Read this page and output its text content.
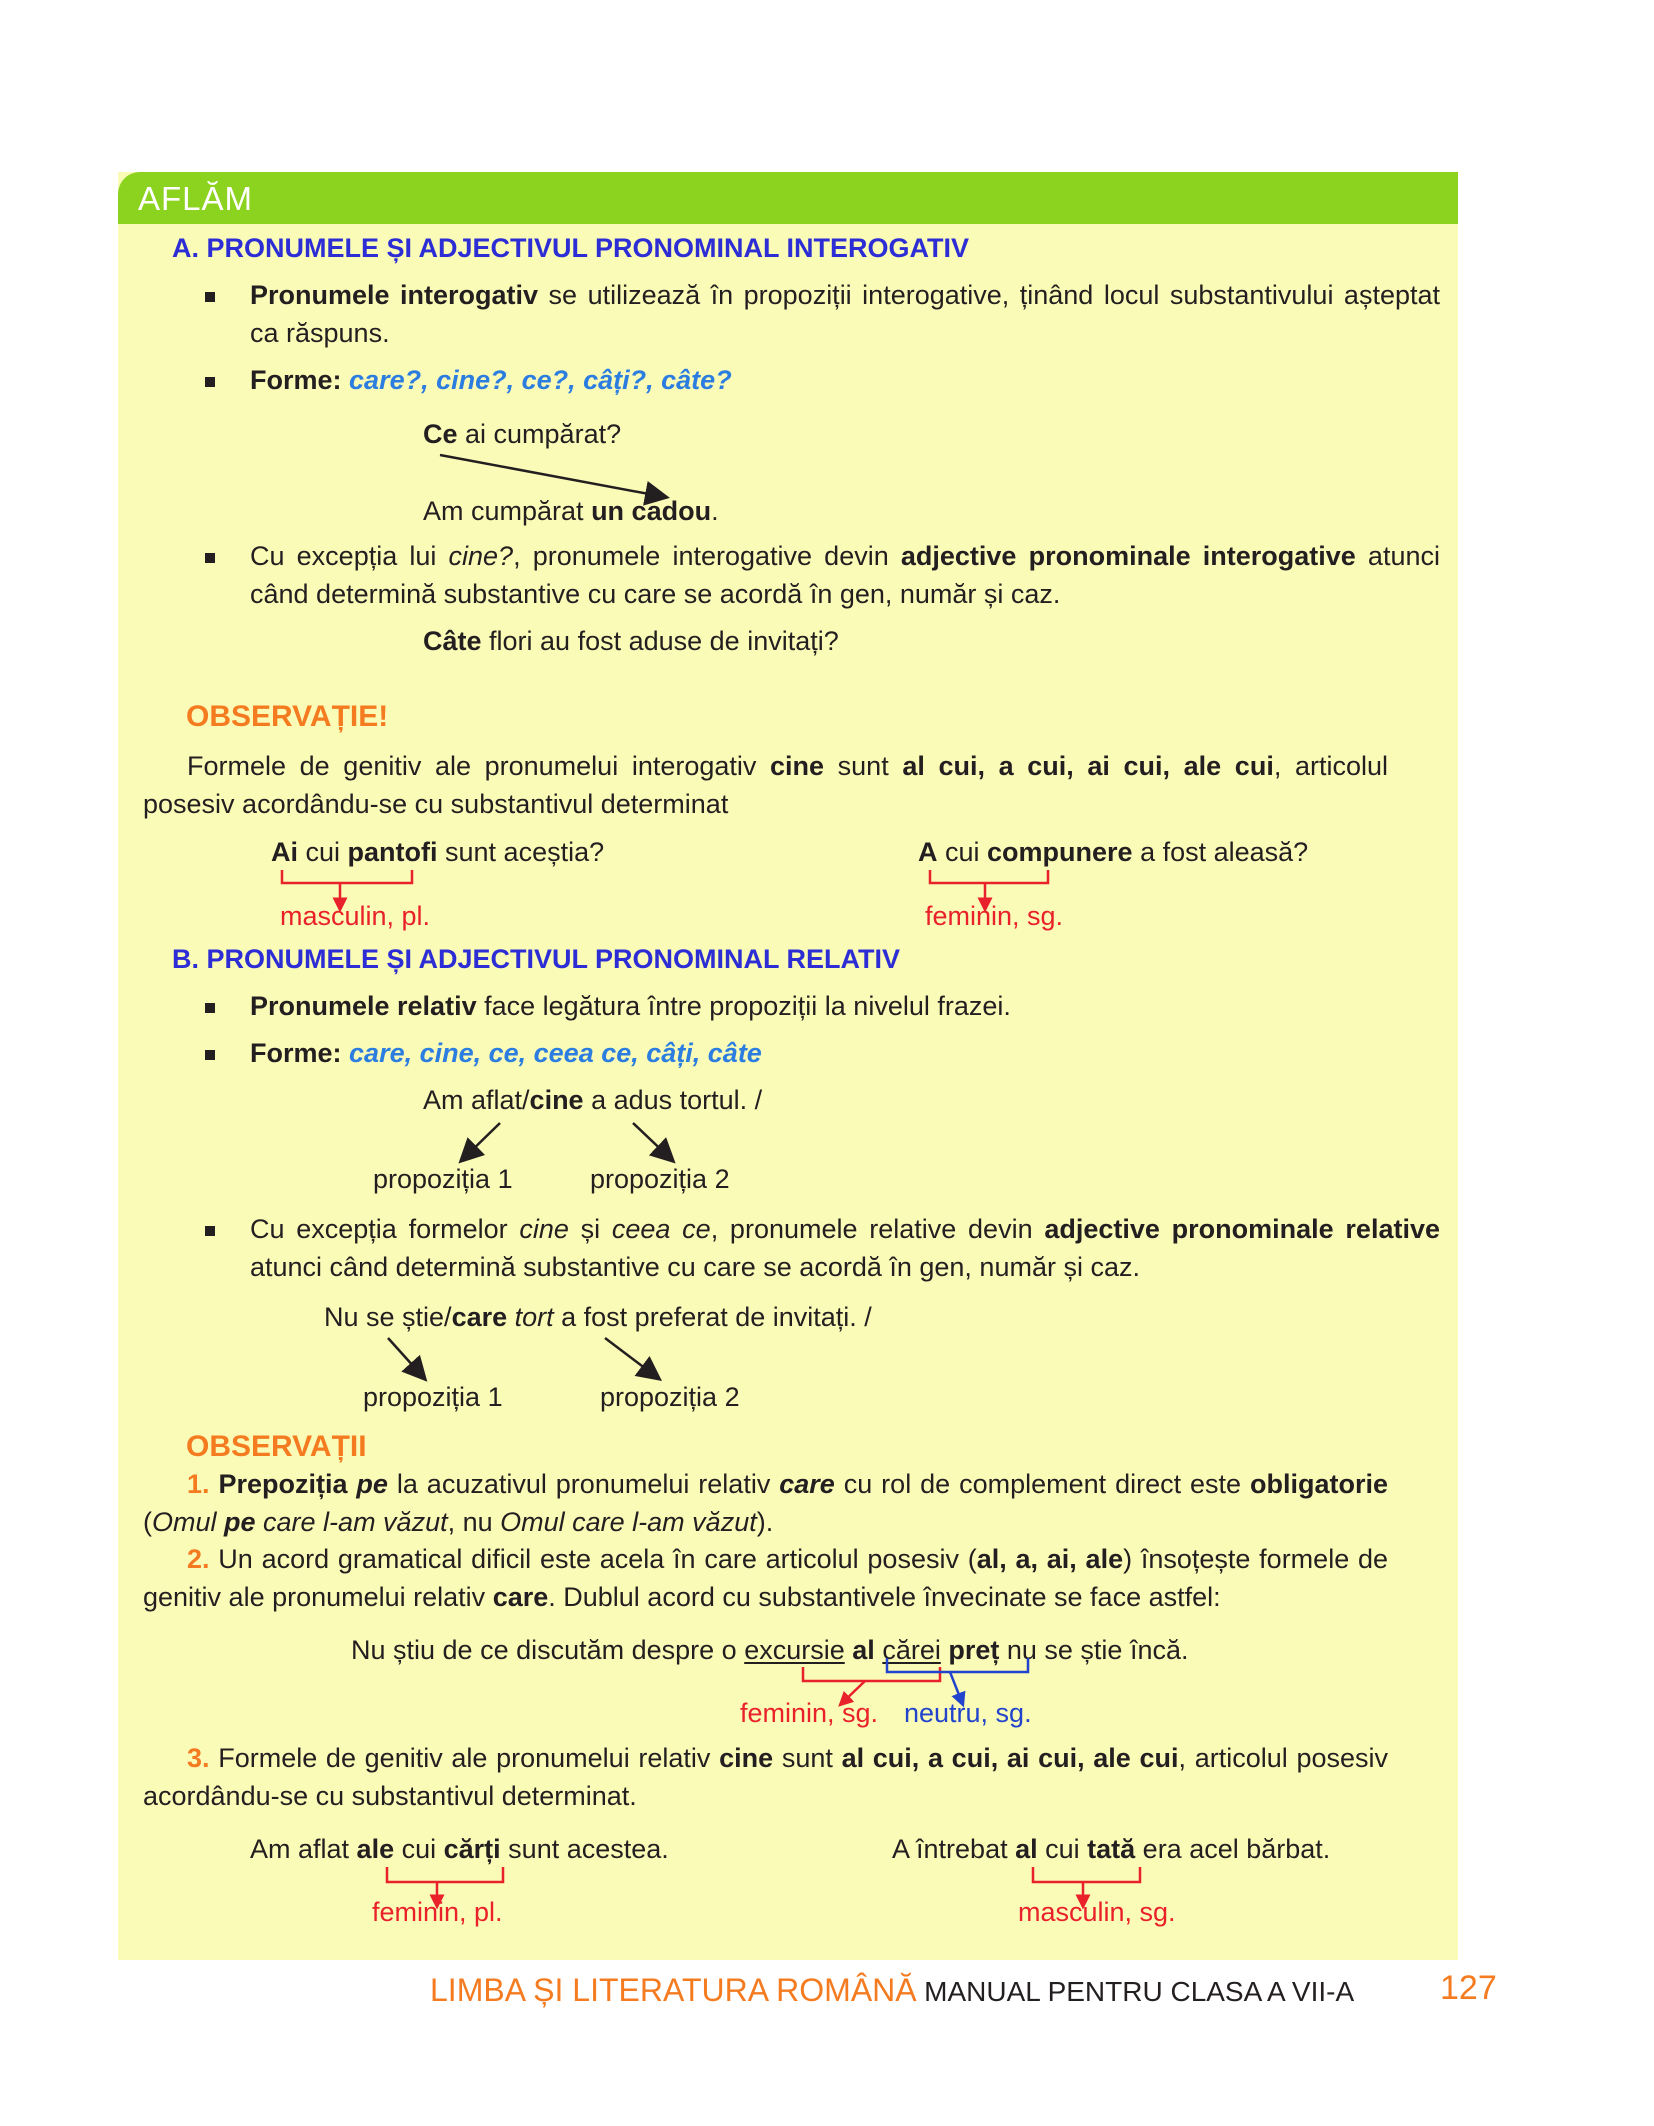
AFLĂM
A. PRONUMELE ȘI ADJECTIVUL PRONOMINAL INTEROGATIV
Pronumele interogativ se utilizează în propoziții interogative, ținând locul substantivului așteptat ca răspuns.
Forme: care?, cine?, ce?, câți?, câte?
Ce ai cumpărat?
Am cumpărat un cadou.
Cu excepția lui cine?, pronumele interogative devin adjective pronominale interogative atunci când determină substantive cu care se acordă în gen, număr și caz.
Câte flori au fost aduse de invitați?
OBSERVAȚIE!
Formele de genitiv ale pronumelui interogativ cine sunt al cui, a cui, ai cui, ale cui, articolul posesiv acordându-se cu substantivul determinat
Ai cui pantofi sunt aceștia?
masculin, pl.
A cui compunere a fost aleasă?
feminin, sg.
B. PRONUMELE ȘI ADJECTIVUL PRONOMINAL RELATIV
Pronumele relativ face legătura între propoziții la nivelul frazei.
Forme: care, cine, ce, ceea ce, câți, câte
Am aflat/cine a adus tortul. /
propoziția 1	propoziția 2
Cu excepția formelor cine și ceea ce, pronumele relative devin adjective pronominale relative atunci când determină substantive cu care se acordă în gen, număr și caz.
Nu se știe/care tort a fost preferat de invitați. /
propoziția 1	propoziția 2
OBSERVAȚII
1. Prepoziția pe la acuzativul pronumelui relativ care cu rol de complement direct este obligatorie (Omul pe care l-am văzut, nu Omul care l-am văzut).
2. Un acord gramatical dificil este acela în care articolul posesiv (al, a, ai, ale) însoțește formele de genitiv ale pronumelui relativ care. Dublul acord cu substantivele învecinate se face astfel:
Nu știu de ce discutăm despre o excursie al cărei preț nu se știe încă.
feminin, sg. neutru, sg.
3. Formele de genitiv ale pronumelui relativ cine sunt al cui, a cui, ai cui, ale cui, articolul posesiv acordându-se cu substantivul determinat.
Am aflat ale cui cărți sunt acestea.
feminin, pl.
A întrebat al cui tată era acel bărbat.
masculin, sg.
LIMBA ȘI LITERATURA ROMÂNĂ MANUAL PENTRU CLASA A VII-A	127
